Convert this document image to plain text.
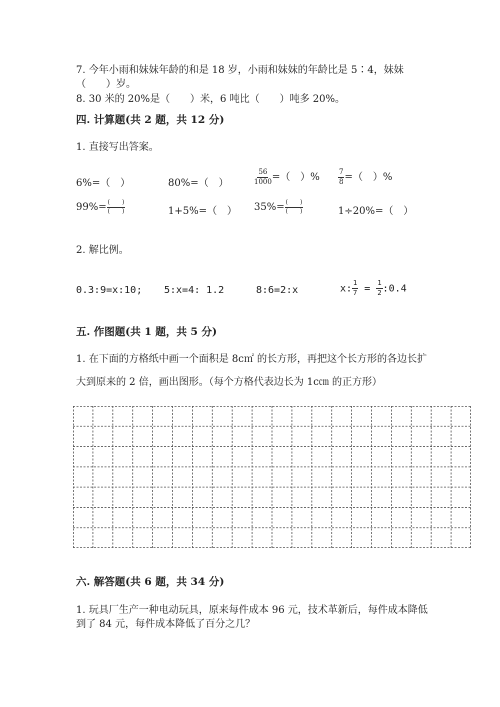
7. 今年小雨和妹妹年龄的和是 18 岁，小雨和妹妹的年龄比是 5∶4，妹妹
（　　）岁。
8. 30 米的 20%是（　　）米，6 吨比（　　）吨多 20%。
四. 计算题(共 2 题，共 12 分)
1. 直接写出答案。
6%=（　）	80%=（　）	$\frac{56}{1000}$ =（　）%	$\frac{7}{8}$ =（　）%
$99\%= \frac{( )}{( )}$	1+5%=（　） $35\%= \frac{( )}{( )}$	1÷20%=（　）
2. 解比例。
0.3:9=x:10; 5:x=4: 1.2	8:6=2:x	x: $\frac{1}{7} = \frac{1}{2}$ :0.4
五. 作图题(共 1 题，共 5 分)
1. 在下面的方格纸中画一个面积是 8c㎡ 的长方形，再把这个长方形的各边长扩
大到原来的 2 倍，画出图形。（每个方格代表边长为 1c㎝ 的正方形）
六. 解答题(共 6 题，共 34 分)
1. 玩具厂生产一种电动玩具，原来每件成本 96 元，技术革新后，每件成本降低
到了 84 元，每件成本降低了百分之几？
